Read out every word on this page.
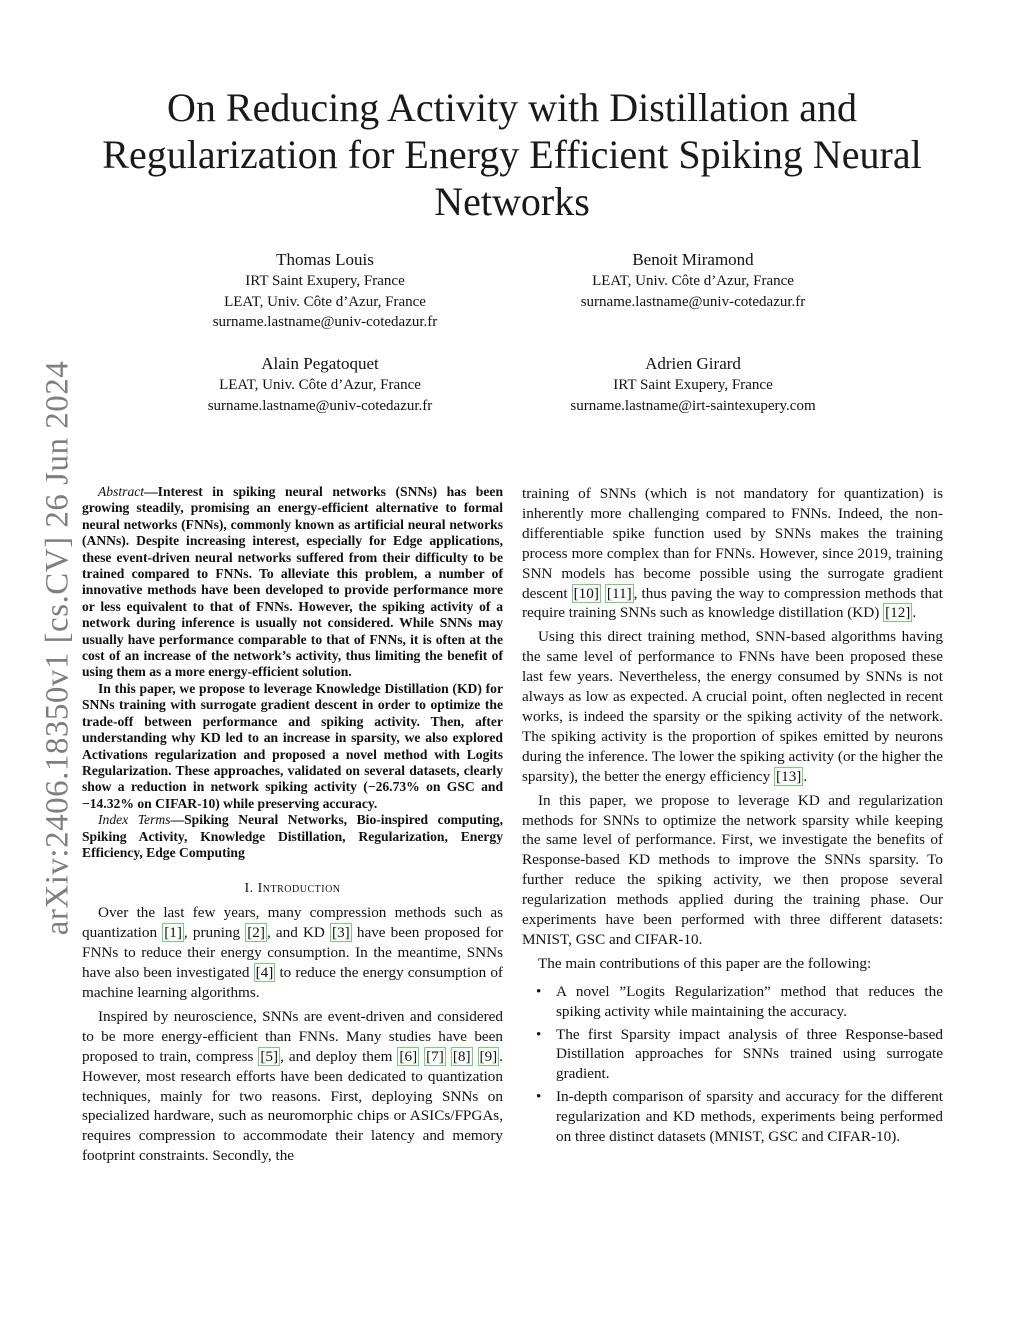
arXiv:2406.18350v1 [cs.CV] 26 Jun 2024
On Reducing Activity with Distillation and
Regularization for Energy Efficient Spiking Neural
Networks
Thomas Louis
IRT Saint Exupery, France
LEAT, Univ. Côte d’Azur, France
surname.lastname@univ-cotedazur.fr
Benoit Miramond
LEAT, Univ. Côte d’Azur, France
surname.lastname@univ-cotedazur.fr
Alain Pegatoquet
LEAT, Univ. Côte d’Azur, France
surname.lastname@univ-cotedazur.fr
Adrien Girard
IRT Saint Exupery, France
surname.lastname@irt-saintexupery.com

Abstract—Interest in spiking neural networks (SNNs) has been growing steadily, promising an energy-efficient alternative to formal neural networks (FNNs), commonly known as artificial neural networks (ANNs). Despite increasing interest, especially for Edge applications, these event-driven neural networks suffered from their difficulty to be trained compared to FNNs. To alleviate this problem, a number of innovative methods have been developed to provide performance more or less equivalent to that of FNNs. However, the spiking activity of a network during inference is usually not considered. While SNNs may usually have performance comparable to that of FNNs, it is often at the cost of an increase of the network’s activity, thus limiting the benefit of using them as a more energy-efficient solution.

In this paper, we propose to leverage Knowledge Distillation (KD) for SNNs training with surrogate gradient descent in order to optimize the trade-off between performance and spiking activity. Then, after understanding why KD led to an increase in sparsity, we also explored Activations regularization and proposed a novel method with Logits Regularization. These approaches, validated on several datasets, clearly show a reduction in network spiking activity (−26.73% on GSC and −14.32% on CIFAR-10) while preserving accuracy.

Index Terms—Spiking Neural Networks, Bio-inspired computing, Spiking Activity, Knowledge Distillation, Regularization, Energy Efficiency, Edge Computing

I. Introduction

Over the last few years, many compression methods such as quantization [1] , pruning [2] , and KD [3] have been proposed for FNNs to reduce their energy consumption. In the meantime, SNNs have also been investigated [4] to reduce the energy consumption of machine learning algorithms.

Inspired by neuroscience, SNNs are event-driven and considered to be more energy-efficient than FNNs. Many studies have been proposed to train, compress [5] , and deploy them [6] [7] [8] [9] . However, most research efforts have been dedicated to quantization techniques, mainly for two reasons. First, deploying SNNs on specialized hardware, such as neuromorphic chips or ASICs/FPGAs, requires compression to accommodate their latency and memory footprint constraints. Secondly, the

training of SNNs (which is not mandatory for quantization) is inherently more challenging compared to FNNs. Indeed, the non-differentiable spike function used by SNNs makes the training process more complex than for FNNs. However, since 2019, training SNN models has become possible using the surrogate gradient descent [10] [11] , thus paving the way to compression methods that require training SNNs such as knowledge distillation (KD) [12] .

Using this direct training method, SNN-based algorithms having the same level of performance to FNNs have been proposed these last few years. Nevertheless, the energy consumed by SNNs is not always as low as expected. A crucial point, often neglected in recent works, is indeed the sparsity or the spiking activity of the network. The spiking activity is the proportion of spikes emitted by neurons during the inference. The lower the spiking activity (or the higher the sparsity), the better the energy efficiency [13] .

In this paper, we propose to leverage KD and regularization methods for SNNs to optimize the network sparsity while keeping the same level of performance. First, we investigate the benefits of Response-based KD methods to improve the SNNs sparsity. To further reduce the spiking activity, we then propose several regularization methods applied during the training phase. Our experiments have been performed with three different datasets: MNIST, GSC and CIFAR-10.

The main contributions of this paper are the following:

• A novel ”Logits Regularization” method that reduces the spiking activity while maintaining the accuracy.
• The first Sparsity impact analysis of three Response-based Distillation approaches for SNNs trained using surrogate gradient.
• In-depth comparison of sparsity and accuracy for the different regularization and KD methods, experiments being performed on three distinct datasets (MNIST, GSC and CIFAR-10).
